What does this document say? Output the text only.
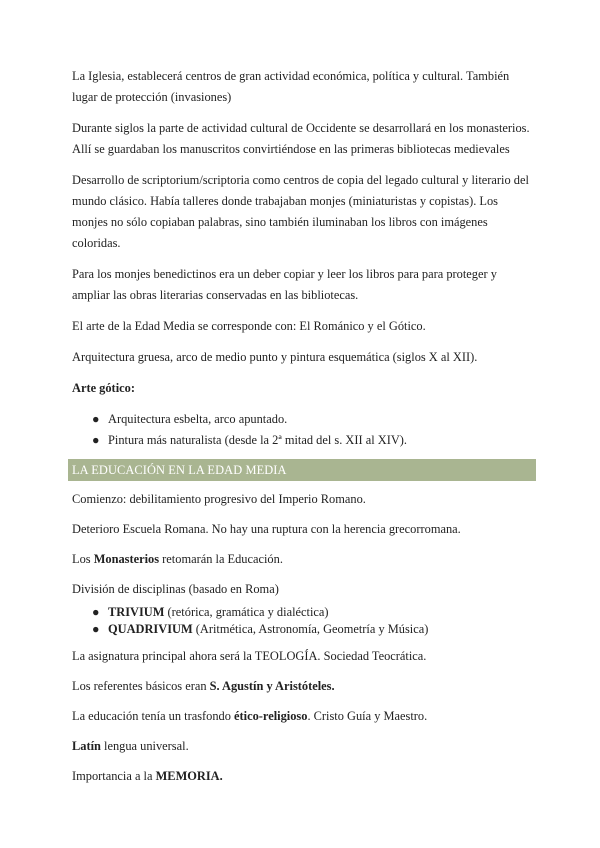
La Iglesia, establecerá centros de gran actividad económica, política y cultural. También lugar de protección (invasiones)

Durante siglos la parte de actividad cultural de Occidente se desarrollará en los monasterios. Allí se guardaban los manuscritos convirtiéndose en las primeras bibliotecas medievales

Desarrollo de scriptorium/scriptoria como centros de copia del legado cultural y literario del mundo clásico. Había talleres donde trabajaban monjes (miniaturistas y copistas). Los monjes no sólo copiaban palabras, sino también iluminaban los libros con imágenes coloridas.

Para los monjes benedictinos era un deber copiar y leer los libros para para proteger y ampliar las obras literarias conservadas en las bibliotecas.

El arte de la Edad Media se corresponde con: El Románico y el Gótico.

Arquitectura gruesa, arco de medio punto y pintura esquemática (siglos X al XII).

Arte gótico:

● Arquitectura esbelta, arco apuntado.
● Pintura más naturalista (desde la 2ª mitad del s. XII al XIV).
LA EDUCACIÓN EN LA EDAD MEDIA

Comienzo: debilitamiento progresivo del Imperio Romano.

Deterioro Escuela Romana. No hay una ruptura con la herencia grecorromana.

Los Monasterios retomarán la Educación.

División de disciplinas (basado en Roma)

● TRIVIUM (retórica, gramática y dialéctica)
● QUADRIVIUM (Aritmética, Astronomía, Geometría y Música)

La asignatura principal ahora será la TEOLOGÍA. Sociedad Teocrática.

Los referentes básicos eran S. Agustín y Aristóteles.

La educación tenía un trasfondo ético-religioso. Cristo Guía y Maestro.

Latín lengua universal.

Importancia a la MEMORIA.
